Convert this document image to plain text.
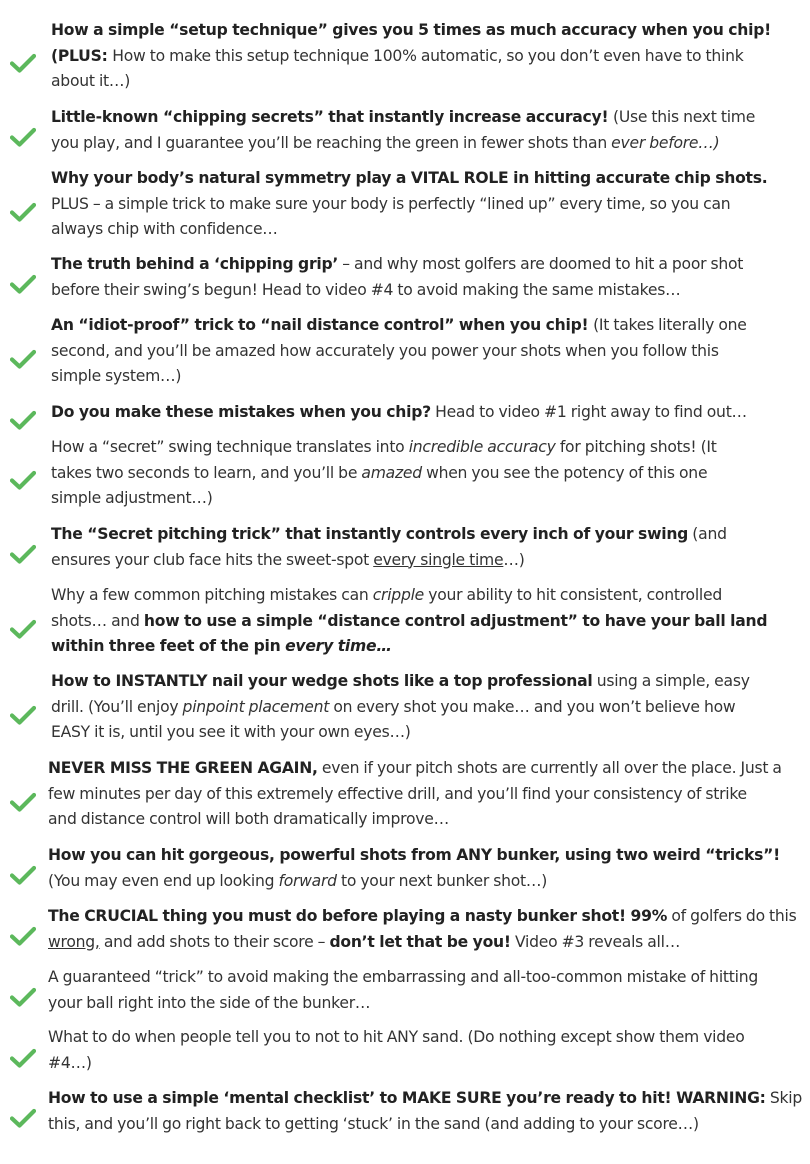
How a simple “setup technique” gives you 5 times as much accuracy when you chip!
(PLUS: How to make this setup technique 100% automatic, so you don’t even have to think
about it…)
Little-known “chipping secrets” that instantly increase accuracy! (Use this next time
you play, and I guarantee you’ll be reaching the green in fewer shots than ever before…)
Why your body’s natural symmetry play a VITAL ROLE in hitting accurate chip shots.
PLUS – a simple trick to make sure your body is perfectly “lined up” every time, so you can
always chip with confidence…
The truth behind a ‘chipping grip’ – and why most golfers are doomed to hit a poor shot
before their swing’s begun! Head to video #4 to avoid making the same mistakes…
An “idiot-proof” trick to “nail distance control” when you chip! (It takes literally one
second, and you’ll be amazed how accurately you power your shots when you follow this
simple system…)
Do you make these mistakes when you chip? Head to video #1 right away to find out…
How a “secret” swing technique translates into incredible accuracy for pitching shots! (It
takes two seconds to learn, and you’ll be amazed when you see the potency of this one
simple adjustment…)
The “Secret pitching trick” that instantly controls every inch of your swing (and
ensures your club face hits the sweet-spot every single time…)
Why a few common pitching mistakes can cripple your ability to hit consistent, controlled
shots… and how to use a simple “distance control adjustment” to have your ball land
within three feet of the pin every time…
How to INSTANTLY nail your wedge shots like a top professional using a simple, easy
drill. (You’ll enjoy pinpoint placement on every shot you make… and you won’t believe how
EASY it is, until you see it with your own eyes…)
NEVER MISS THE GREEN AGAIN, even if your pitch shots are currently all over the place. Just a
few minutes per day of this extremely effective drill, and you’ll find your consistency of strike
and distance control will both dramatically improve…
How you can hit gorgeous, powerful shots from ANY bunker, using two weird “tricks”!
(You may even end up looking forward to your next bunker shot…)
The CRUCIAL thing you must do before playing a nasty bunker shot! 99% of golfers do this
wrong, and add shots to their score – don’t let that be you! Video #3 reveals all…
A guaranteed “trick” to avoid making the embarrassing and all-too-common mistake of hitting
your ball right into the side of the bunker…
What to do when people tell you to not to hit ANY sand. (Do nothing except show them video
#4…)
How to use a simple ‘mental checklist’ to MAKE SURE you’re ready to hit! WARNING: Skip
this, and you’ll go right back to getting ‘stuck’ in the sand (and adding to your score…)
